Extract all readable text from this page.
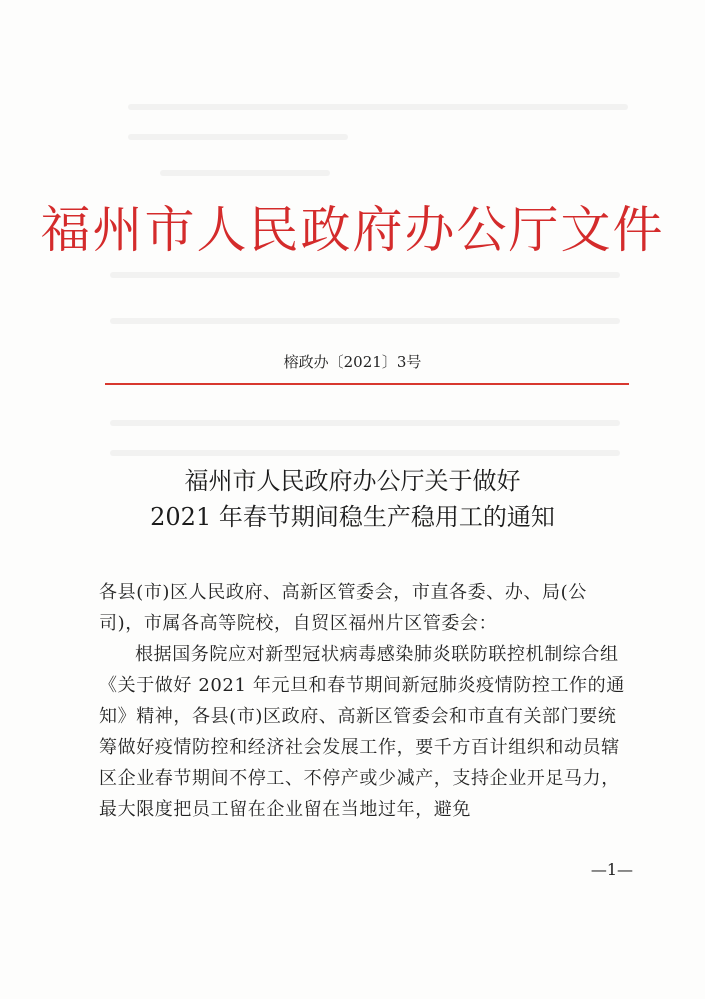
福州市人民政府办公厅文件
榕政办〔2021〕3号
福州市人民政府办公厅关于做好
2021 年春节期间稳生产稳用工的通知

各县(市)区人民政府、高新区管委会，市直各委、办、局(公司)，市属各高等院校，自贸区福州片区管委会：

根据国务院应对新型冠状病毒感染肺炎联防联控机制综合组《关于做好 2021 年元旦和春节期间新冠肺炎疫情防控工作的通知》精神，各县(市)区政府、高新区管委会和市直有关部门要统筹做好疫情防控和经济社会发展工作，要千方百计组织和动员辖区企业春节期间不停工、不停产或少减产，支持企业开足马力，最大限度把员工留在企业留在当地过年，避免

—1—
